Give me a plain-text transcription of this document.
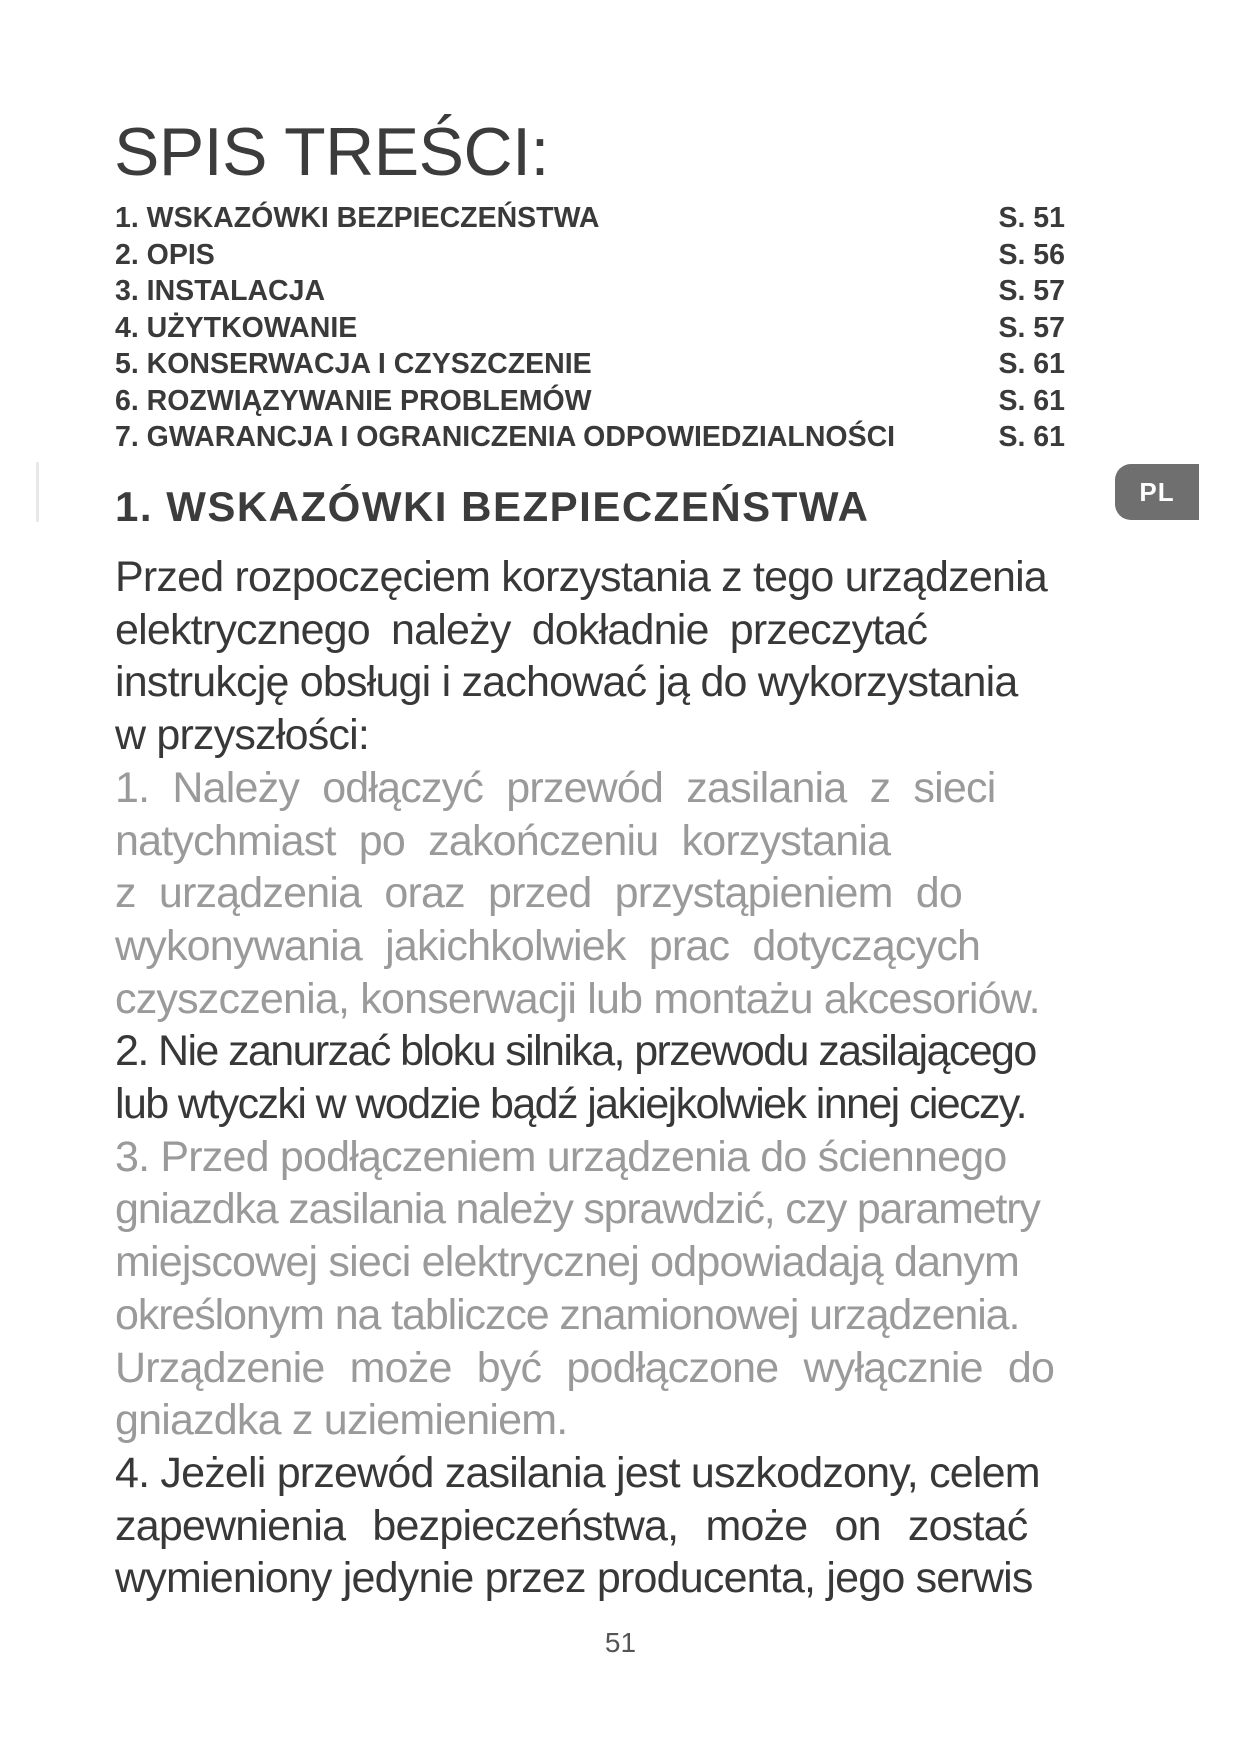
SPIS TREŚCI:
1. WSKAZÓWKI BEZPIECZEŃSTWA	S. 51
2. OPIS	S. 56
3. INSTALACJA	S. 57
4. UŻYTKOWANIE	S. 57
5. KONSERWACJA I CZYSZCZENIE	S. 61
6. ROZWIĄZYWANIE PROBLEMÓW	S. 61
7. GWARANCJA I OGRANICZENIA ODPOWIEDZIALNOŚCI	S. 61
PL
1. WSKAZÓWKI BEZPIECZEŃSTWA
Przed rozpoczęciem korzystania z tego urządzenia
elektrycznego należy dokładnie przeczytać
instrukcję obsługi i zachować ją do wykorzystania
w przyszłości:
1. Należy odłączyć przewód zasilania z sieci
natychmiast po zakończeniu korzystania
z urządzenia oraz przed przystąpieniem do
wykonywania jakichkolwiek prac dotyczących
czyszczenia, konserwacji lub montażu akcesoriów.
2. Nie zanurzać bloku silnika, przewodu zasilającego
lub wtyczki w wodzie bądź jakiejkolwiek innej cieczy.
3. Przed podłączeniem urządzenia do ściennego
gniazdka zasilania należy sprawdzić, czy parametry
miejscowej sieci elektrycznej odpowiadają danym
określonym na tabliczce znamionowej urządzenia.
Urządzenie może być podłączone wyłącznie do
gniazdka z uziemieniem.
4. Jeżeli przewód zasilania jest uszkodzony, celem
zapewnienia bezpieczeństwa, może on zostać
wymieniony jedynie przez producenta, jego serwis
51
